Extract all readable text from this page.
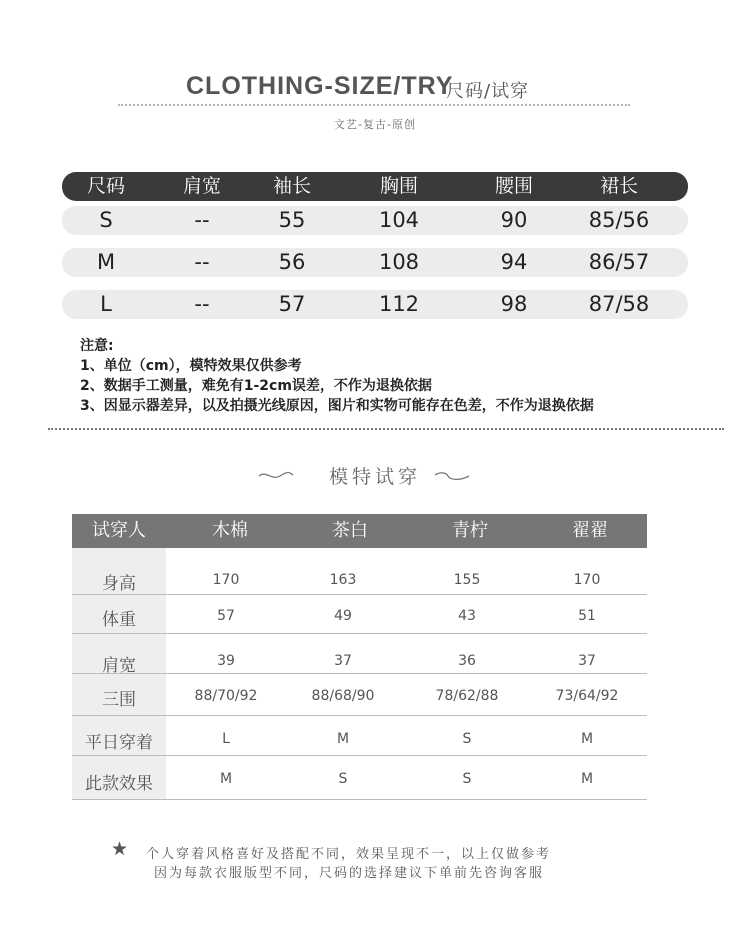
CLOTHING-SIZE/TRY
尺码/试穿
文艺-复古-原创
尺码	肩宽	袖长	胸围	腰围	裙长
S	--	55	104	90	85/56
M	--	56	108	94	86/57
L	--	57	112	98	87/58
注意:
1、单位（cm），模特效果仅供参考
2、数据手工测量，难免有1-2cm误差，不作为退换依据
3、因显示器差异，以及拍摄光线原因，图片和实物可能存在色差，不作为退换依据
模特试穿
试穿人	木棉	茶白	青柠	翟翟
身高	170	163	155	170
体重	57	49	43	51
肩宽	39	37	36	37
三围	88/70/92	88/68/90	78/62/88	73/64/92
平日穿着	L	M	S	M
此款效果	M	S	S	M
★ 个人穿着风格喜好及搭配不同，效果呈现不一，以上仅做参考
因为每款衣服版型不同，尺码的选择建议下单前先咨询客服
